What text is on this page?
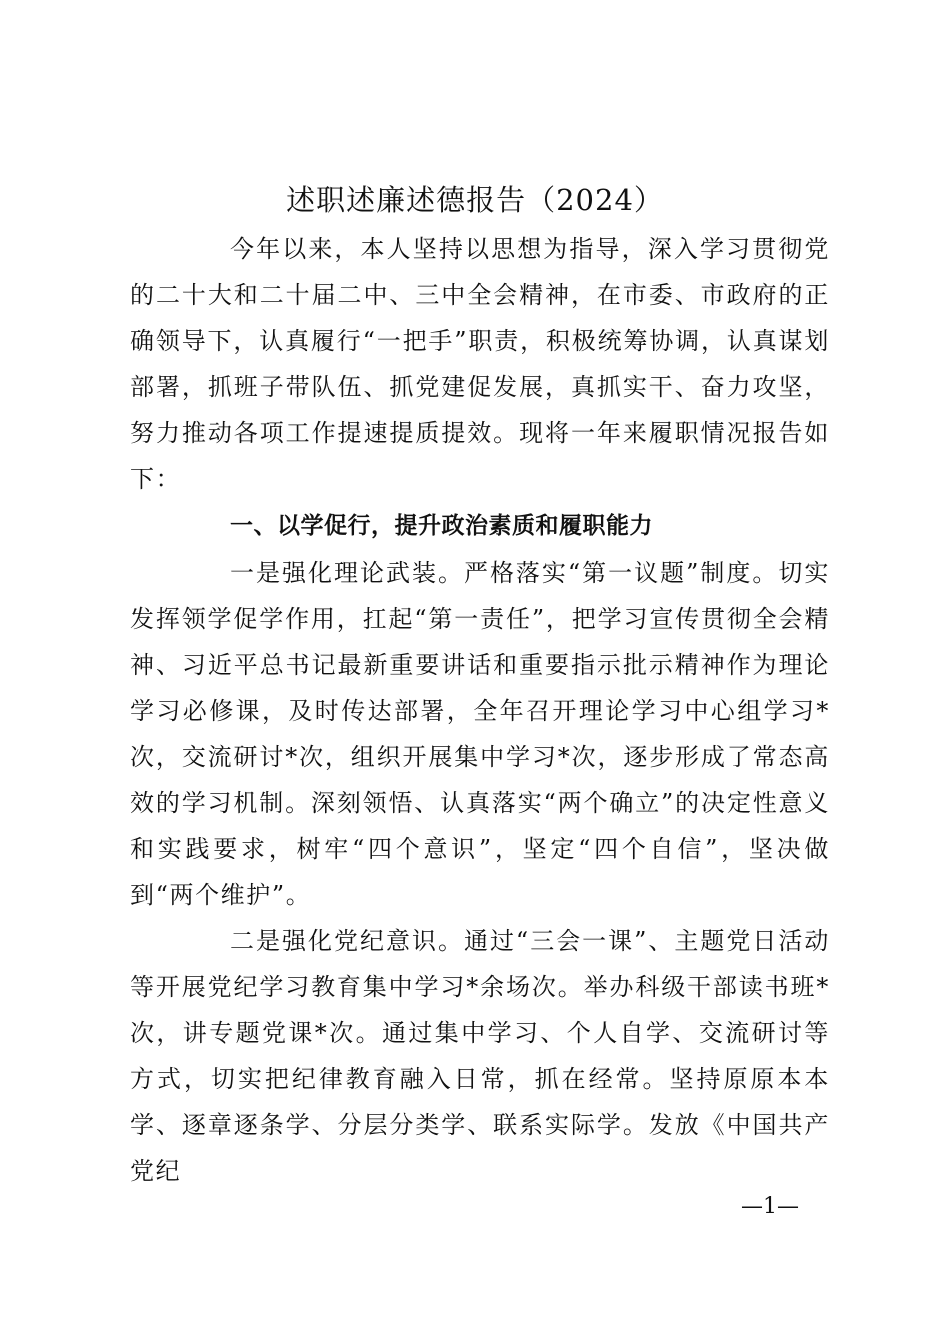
述职述廉述德报告（2024）

今年以来，本人坚持以思想为指导，深入学习贯彻党的二十大和二十届二中、三中全会精神，在市委、市政府的正确领导下，认真履行“一把手”职责，积极统筹协调，认真谋划部署，抓班子带队伍、抓党建促发展，真抓实干、奋力攻坚，努力推动各项工作提速提质提效。现将一年来履职情况报告如下：

一、以学促行，提升政治素质和履职能力

一是强化理论武装。严格落实“第一议题”制度。切实发挥领学促学作用，扛起“第一责任”，把学习宣传贯彻全会精神、习近平总书记最新重要讲话和重要指示批示精神作为理论学习必修课，及时传达部署，全年召开理论学习中心组学习*次，交流研讨*次，组织开展集中学习*次，逐步形成了常态高效的学习机制。深刻领悟、认真落实“两个确立”的决定性意义和实践要求，树牢“四个意识”，坚定“四个自信”，坚决做到“两个维护”。

二是强化党纪意识。通过“三会一课”、主题党日活动等开展党纪学习教育集中学习*余场次。举办科级干部读书班*次，讲专题党课*次。通过集中学习、个人自学、交流研讨等方式，切实把纪律教育融入日常，抓在经常。坚持原原本本学、逐章逐条学、分层分类学、联系实际学。发放《中国共产党纪

—1—
